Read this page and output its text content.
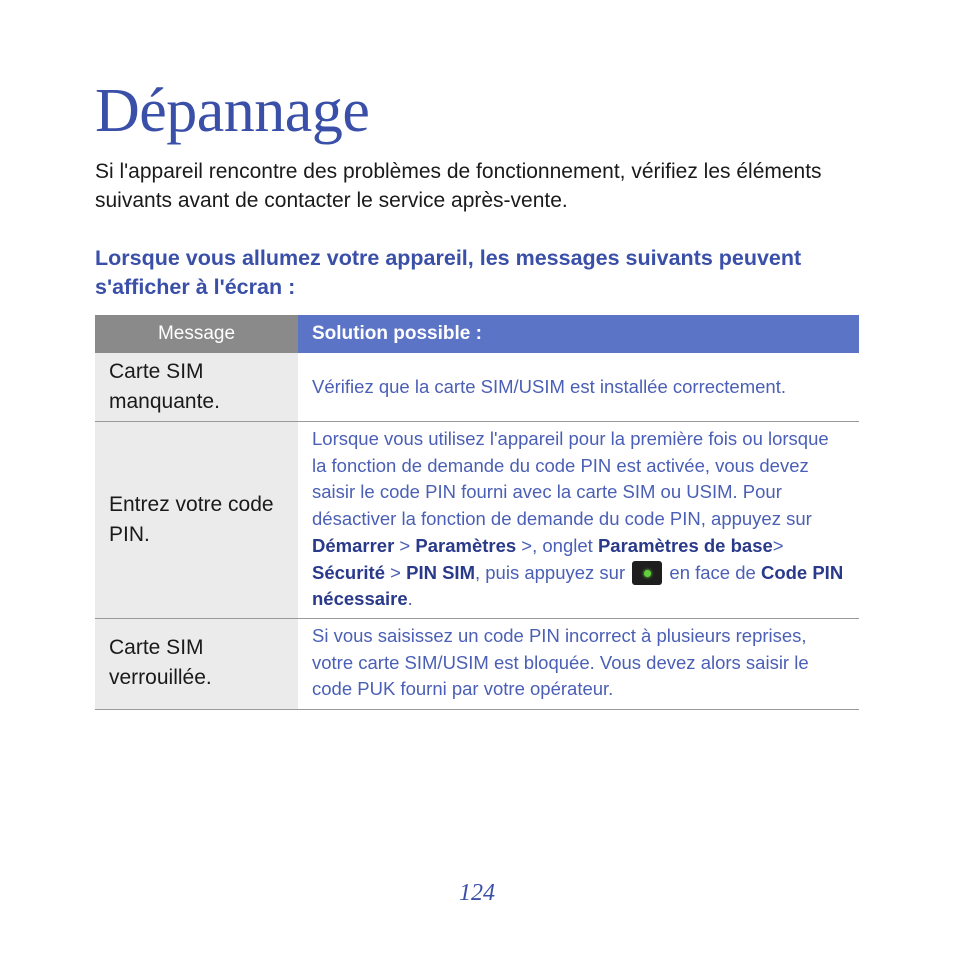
Dépannage
Si l'appareil rencontre des problèmes de fonctionnement, vérifiez les éléments suivants avant de contacter le service après-vente.
Lorsque vous allumez votre appareil, les messages suivants peuvent s'afficher à l'écran :
Message	Solution possible :
Carte SIM manquante.
Vérifiez que la carte SIM/USIM est installée correctement.
Entrez votre code PIN.
Lorsque vous utilisez l'appareil pour la première fois ou lorsque la fonction de demande du code PIN est activée, vous devez saisir le code PIN fourni avec la carte SIM ou USIM. Pour désactiver la fonction de demande du code PIN, appuyez sur Démarrer > Paramètres >, onglet Paramètres de base> Sécurité > PIN SIM, puis appuyez sur  en face de Code PIN nécessaire.
Carte SIM verrouillée.
Si vous saisissez un code PIN incorrect à plusieurs reprises, votre carte SIM/USIM est bloquée. Vous devez alors saisir le code PUK fourni par votre opérateur.
124
